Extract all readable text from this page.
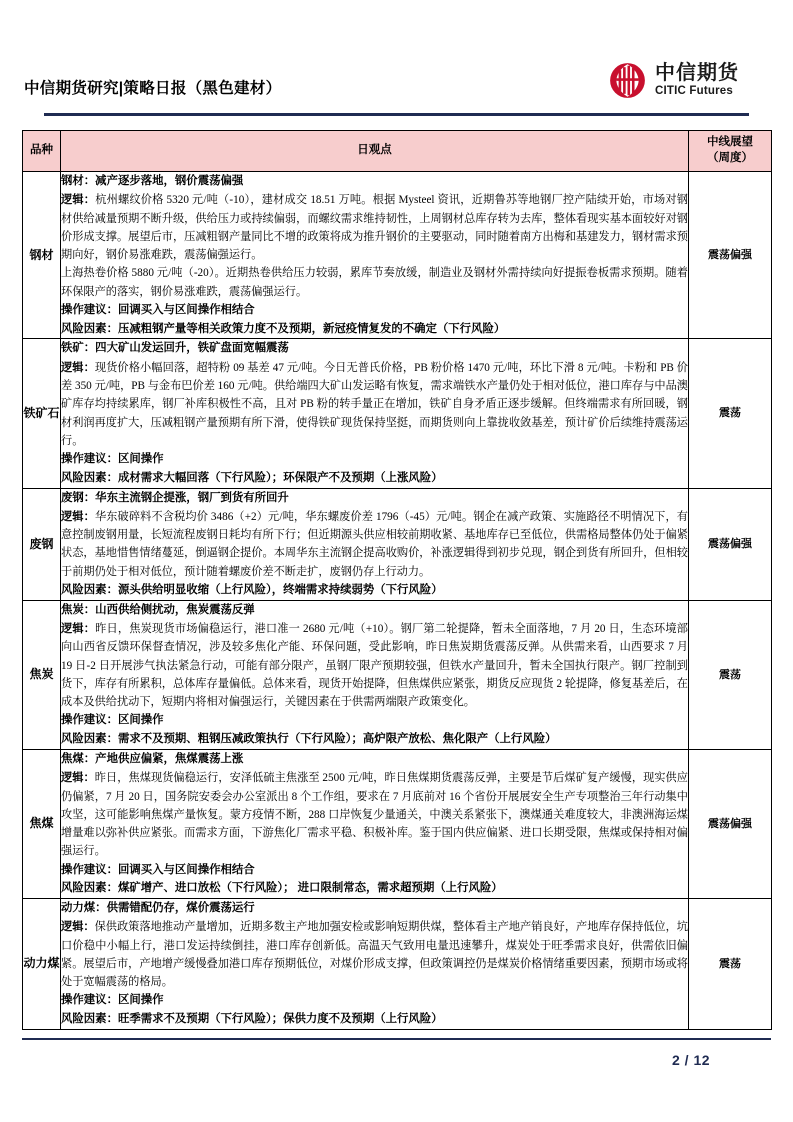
中信期货研究|策略日报（黑色建材）
中信期货
CITIC Futures
品种	日观点	中线展望
（周度）

钢材	钢材：减产逐步落地，钢价震荡偏强

逻辑：杭州螺纹价格 5320 元/吨（-10），建材成交 18.51 万吨。根据 Mysteel 资讯，近期鲁苏等地钢厂控产陆续开始，市场对钢材供给减量预期不断升级，供给压力或持续偏弱，而螺纹需求维持韧性，上周钢材总库存转为去库，整体看现实基本面较好对钢价形成支撑。展望后市，压减粗钢产量同比不增的政策将成为推升钢价的主要驱动，同时随着南方出梅和基建发力，钢材需求预期向好，钢价易涨难跌，震荡偏强运行。

上海热卷价格 5880 元/吨（-20）。近期热卷供给压力较弱，累库节奏放缓，制造业及钢材外需持续向好提振卷板需求预期。随着环保限产的落实，钢价易涨难跌，震荡偏强运行。

操作建议：回调买入与区间操作相结合
风险因素：压减粗钢产量等相关政策力度不及预期，新冠疫情复发的不确定（下行风险）	震荡偏强

铁矿石	铁矿：四大矿山发运回升，铁矿盘面宽幅震荡

逻辑：现货价格小幅回落，超特粉 09 基差 47 元/吨。今日无普氏价格，PB 粉价格 1470 元/吨，环比下滑 8 元/吨。卡粉和 PB 价差 350 元/吨，PB 与金布巴价差 160 元/吨。供给端四大矿山发运略有恢复，需求端铁水产量仍处于相对低位，港口库存与中品澳矿库存均持续累库，钢厂补库积极性不高，且对 PB 粉的转手量正在增加，铁矿自身矛盾正逐步缓解。但终端需求有所回暖，钢材利润再度扩大，压减粗钢产量预期有所下滑，使得铁矿现货保持坚挺，而期货则向上靠拢收敛基差，预计矿价后续维持震荡运行。

操作建议：区间操作
风险因素：成材需求大幅回落（下行风险）；环保限产不及预期（上涨风险）	震荡

废钢	废钢：华东主流钢企提涨，钢厂到货有所回升

逻辑：华东破碎料不含税均价 3486（+2）元/吨，华东螺废价差 1796（-45）元/吨。钢企在减产政策、实施路径不明情况下，有意控制废钢用量，长短流程废钢日耗均有所下行；但近期源头供应相较前期收紧、基地库存已至低位，供需格局整体仍处于偏紧状态，基地惜售情绪蔓延，倒逼钢企提价。本周华东主流钢企提高收购价，补涨逻辑得到初步兑现，钢企到货有所回升，但相较于前期仍处于相对低位，预计随着螺废价差不断走扩，废钢仍存上行动力。

风险因素：源头供给明显收缩（上行风险），终端需求持续弱势（下行风险）	震荡偏强

焦炭	焦炭：山西供给侧扰动，焦炭震荡反弹

逻辑：昨日，焦炭现货市场偏稳运行，港口准一 2680 元/吨（+10）。钢厂第二轮提降，暂未全面落地，7 月 20 日，生态环境部向山西省反馈环保督查情况，涉及较多焦化产能、环保问题，受此影响，昨日焦炭期货震荡反弹。从供需来看，山西要求 7 月 19 日-2 日开展涉气执法紧急行动，可能有部分限产，虽钢厂限产预期较强，但铁水产量回升，暂未全国执行限产。钢厂控制到货下，库存有所累积，总体库存量偏低。总体来看，现货开始提降，但焦煤供应紧张，期货反应现货 2 轮提降，修复基差后，在成本及供给扰动下，短期内将相对偏强运行，关键因素在于供需两端限产政策变化。

操作建议：区间操作
风险因素：需求不及预期、粗钢压减政策执行（下行风险）；高炉限产放松、焦化限产（上行风险）	震荡

焦煤	焦煤：产地供应偏紧，焦煤震荡上涨

逻辑：昨日，焦煤现货偏稳运行，安泽低硫主焦涨至 2500 元/吨，昨日焦煤期货震荡反弹，主要是节后煤矿复产缓慢，现实供应仍偏紧，7 月 20 日，国务院安委会办公室派出 8 个工作组，要求在 7 月底前对 16 个省份开展展安全生产专项整治三年行动集中攻坚，这可能影响焦煤产量恢复。蒙方疫情不断，288 口岸恢复少量通关，中澳关系紧张下，澳煤通关难度较大，非澳洲海运煤增量难以弥补供应紧张。而需求方面，下游焦化厂需求平稳、积极补库。鉴于国内供应偏紧、进口长期受限，焦煤或保持相对偏强运行。

操作建议：回调买入与区间操作相结合
风险因素：煤矿增产、进口放松（下行风险）； 进口限制常态，需求超预期（上行风险）	震荡偏强

动力煤	动力煤：供需错配仍存，煤价震荡运行

逻辑：保供政策落地推动产量增加，近期多数主产地加强安检或影响短期供煤，整体看主产地产销良好，产地库存保持低位，坑口价稳中小幅上行，港口发运持续倒挂，港口库存创新低。高温天气致用电量迅速攀升，煤炭处于旺季需求良好，供需依旧偏紧。展望后市，产地增产缓慢叠加港口库存预期低位，对煤价形成支撑，但政策调控仍是煤炭价格情绪重要因素，预期市场或将处于宽幅震荡的格局。

操作建议：区间操作
风险因素：旺季需求不及预期（下行风险）；保供力度不及预期（上行风险）	震荡
2 / 12
